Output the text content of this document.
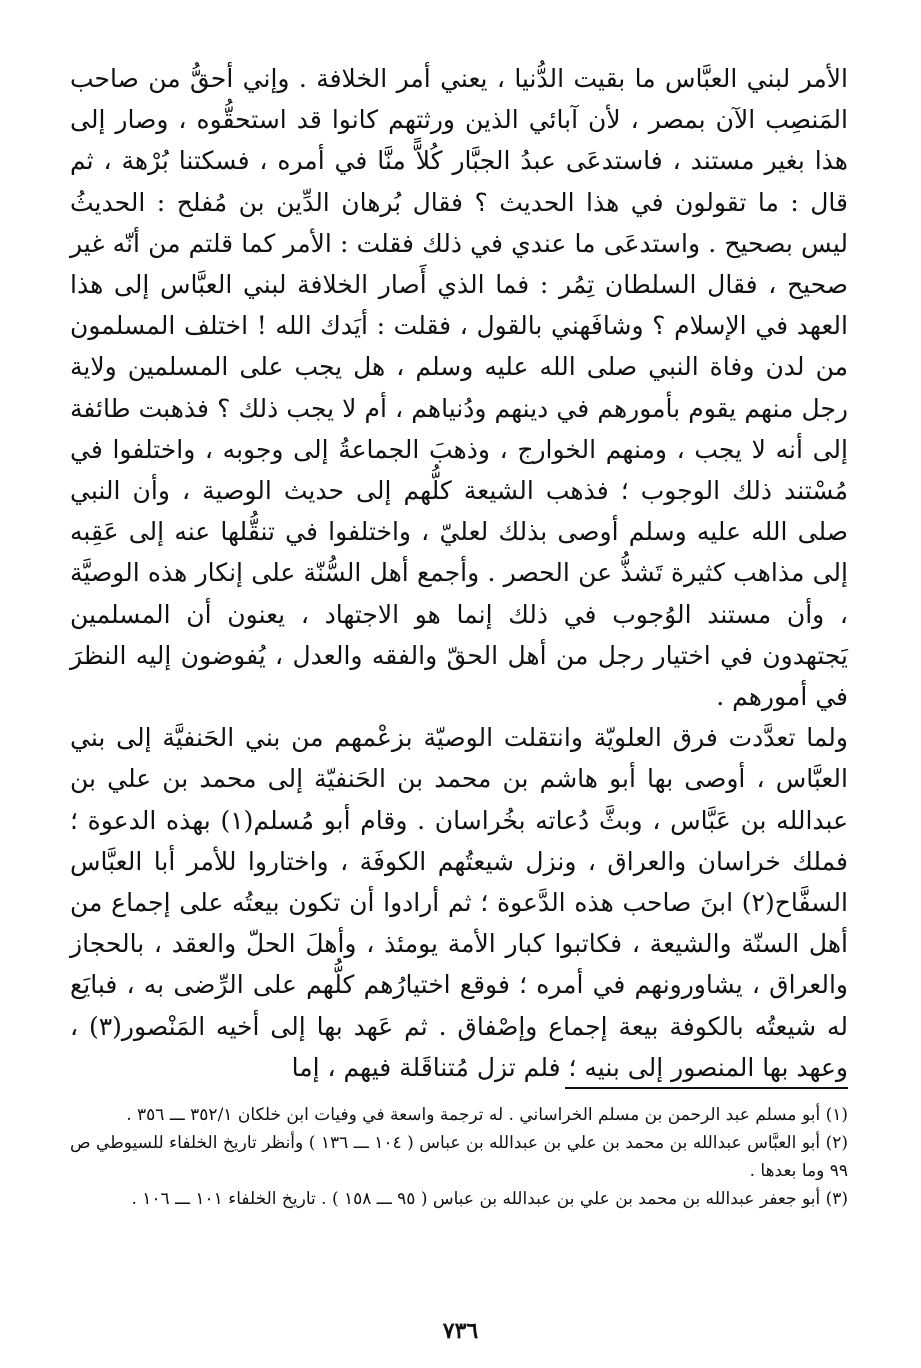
الأمر لبني العبَّاس ما بقيت الدُّنيا ، يعني أمر الخلافة . وإني أحقُّ من صاحب المَنصِب الآن بمصر ، لأن آبائي الذين ورثتهم كانوا قد استحقُّوه ، وصار إلى هذا بغير مستند ، فاستدعَى عبدُ الجبَّار كُلاًّ منَّا في أمره ، فسكتنا بُرْهة ، ثم قال : ما تقولون في هذا الحديث ؟ فقال بُرهان الدِّين بن مُفلح : الحديثُ ليس بصحيح . واستدعَى ما عندي في ذلك فقلت : الأمر كما قلتم من أنّه غير صحيح ، فقال السلطان تِمُر : فما الذي أَصار الخلافة لبني العبَّاس إلى هذا العهد في الإسلام ؟ وشافَهني بالقول ، فقلت : أيَدك الله ! اختلف المسلمون من لدن وفاة النبي صلى الله عليه وسلم ، هل يجب على المسلمين ولاية رجل منهم يقوم بأمورهم في دينهم ودُنياهم ، أم لا يجب ذلك ؟ فذهبت طائفة إلى أنه لا يجب ، ومنهم الخوارج ، وذهبَ الجماعةُ إلى وجوبه ، واختلفوا في مُسْتند ذلك الوجوب ؛ فذهب الشيعة كلُّهم إلى حديث الوصية ، وأن النبي صلى الله عليه وسلم أوصى بذلك لعليّ ، واختلفوا في تنقُّلها عنه إلى عَقِبه إلى مذاهب كثيرة تَشذُّ عن الحصر . وأجمع أهل السُّنّة على إنكار هذه الوصيَّة ، وأن مستند الوُجوب في ذلك إنما هو الاجتهاد ، يعنون أن المسلمين يَجتهدون في اختيار رجل من أهل الحقّ والفقه والعدل ، يُفوضون إليه النظرَ في أمورهم .

ولما تعدَّدت فرق العلويّة وانتقلت الوصيّة بزعْمهم من بني الحَنفيَّة إلى بني العبَّاس ، أوصى بها أبو هاشم بن محمد بن الحَنفيّة إلى محمد بن علي بن عبدالله بن عَبَّاس ، وبثَّ دُعاته بخُراسان . وقام أبو مُسلم(١) بهذه الدعوة ؛ فملك خراسان والعراق ، ونزل شيعتُهم الكوفَة ، واختاروا للأمر أبا العبَّاس السفَّاح(٢) ابنَ صاحب هذه الدَّعوة ؛ ثم أرادوا أن تكون بيعتُه على إجماع من أهل السنّة والشيعة ، فكاتبوا كبار الأمة يومئذ ، وأهلَ الحلّ والعقد ، بالحجاز والعراق ، يشاورونهم في أمره ؛ فوقع اختيارُهم كلُّهم على الرِّضى به ، فبايَع له شيعتُه بالكوفة بيعة إجماع وإصْفاق . ثم عَهد بها إلى أخيه المَنْصور(٣) ، وعهد بها المنصور إلى بنيه ؛ فلم تزل مُتناقَلة فيهم ، إما

(١) أبو مسلم عبد الرحمن بن مسلم الخراساني . له ترجمة واسعة في وفيات ابن خلكان ٣٥٢/١ ـــ ٣٥٦ .

(٢) أبو العبَّاس عبدالله بن محمد بن علي بن عبدالله بن عباس ( ١٠٤ ـــ ١٣٦ ) وأنظر تاريخ الخلفاء للسيوطي ص ٩٩ وما بعدها .

(٣) أبو جعفر عبدالله بن محمد بن علي بن عبدالله بن عباس ( ٩٥ ـــ ١٥٨ ) . تاريخ الخلفاء ١٠١ ـــ ١٠٦ .

٧٣٦
